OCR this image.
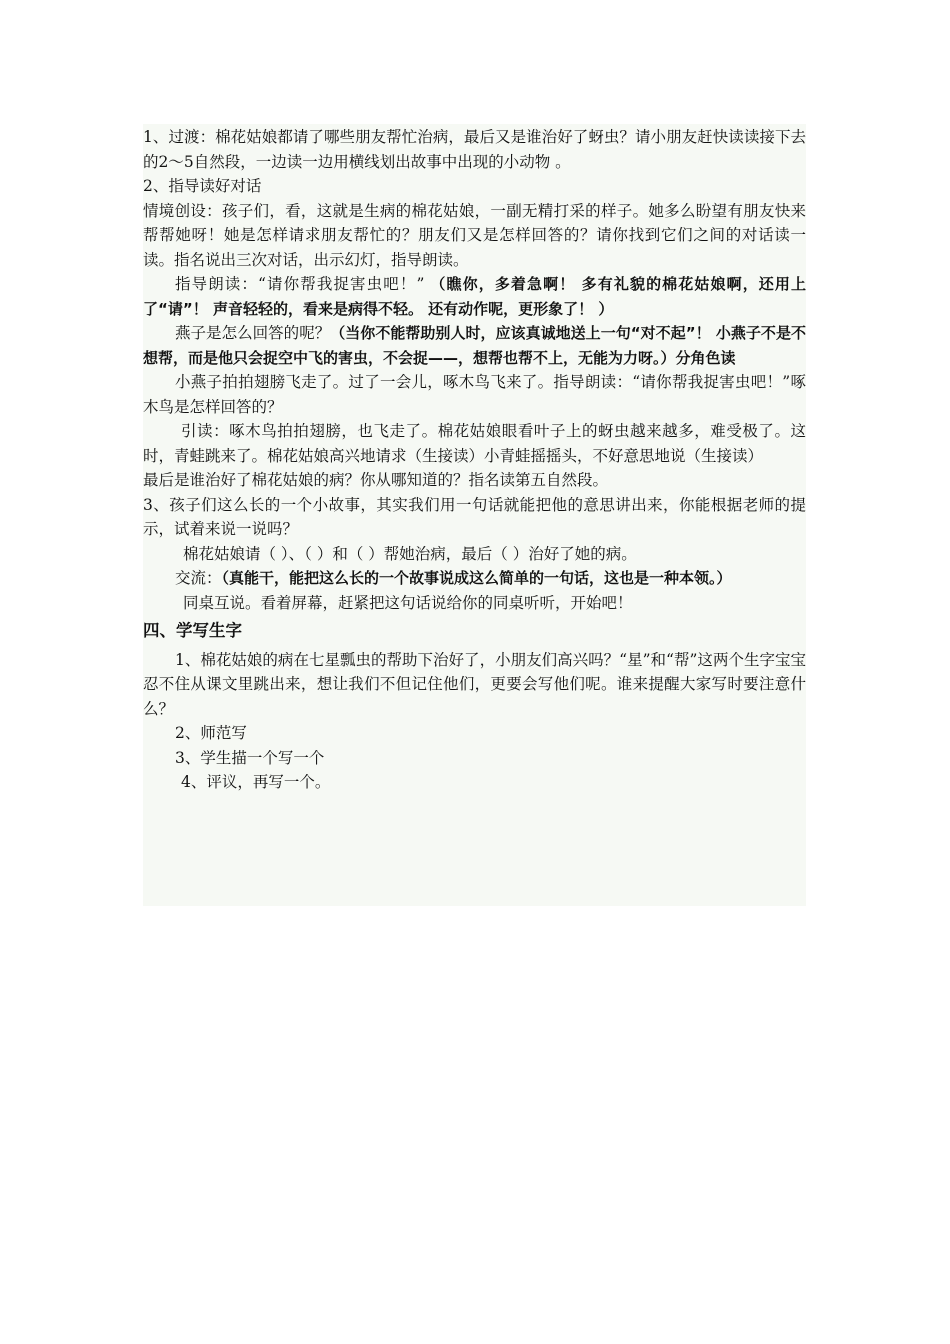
1、过渡：棉花姑娘都请了哪些朋友帮忙治病，最后又是谁治好了蚜虫？请小朋友赶快读读接下去的2～5自然段，一边读一边用横线划出故事中出现的小动物 。

2、指导读好对话

情境创设：孩子们，看，这就是生病的棉花姑娘，一副无精打采的样子。她多么盼望有朋友快来帮帮她呀！她是怎样请求朋友帮忙的？朋友们又是怎样回答的？请你找到它们之间的对话读一读。指名说出三次对话，出示幻灯，指导朗读。

指导朗读：“请你帮我捉害虫吧！” （瞧你，多着急啊！ 多有礼貌的棉花姑娘啊，还用上了“请”！ 声音轻轻的，看来是病得不轻。 还有动作呢，更形象了！ ）

燕子是怎么回答的呢？（当你不能帮助别人时，应该真诚地送上一句“对不起”！ 小燕子不是不想帮，而是他只会捉空中飞的害虫，不会捉——，想帮也帮不上，无能为力呀。）分角色读

小燕子拍拍翅膀飞走了。过了一会儿，啄木鸟飞来了。指导朗读：“请你帮我捉害虫吧！”啄木鸟是怎样回答的？

引读：啄木鸟拍拍翅膀，也飞走了。棉花姑娘眼看叶子上的蚜虫越来越多，难受极了。这时，青蛙跳来了。棉花姑娘高兴地请求（生接读）小青蛙摇摇头，不好意思地说（生接读）

最后是谁治好了棉花姑娘的病？你从哪知道的？指名读第五自然段。

3、孩子们这么长的一个小故事，其实我们用一句话就能把他的意思讲出来，你能根据老师的提示，试着来说一说吗？

棉花姑娘请（ ）、（ ）和（ ）帮她治病，最后（ ）治好了她的病。

交流：（真能干，能把这么长的一个故事说成这么简单的一句话，这也是一种本领。）

同桌互说。看着屏幕，赶紧把这句话说给你的同桌听听，开始吧！

四、学写生字

1、棉花姑娘的病在七星瓢虫的帮助下治好了，小朋友们高兴吗？“星”和“帮”这两个生字宝宝忍不住从课文里跳出来，想让我们不但记住他们，更要会写他们呢。谁来提醒大家写时要注意什么？

2、师范写

3、学生描一个写一个

4、评议，再写一个。
